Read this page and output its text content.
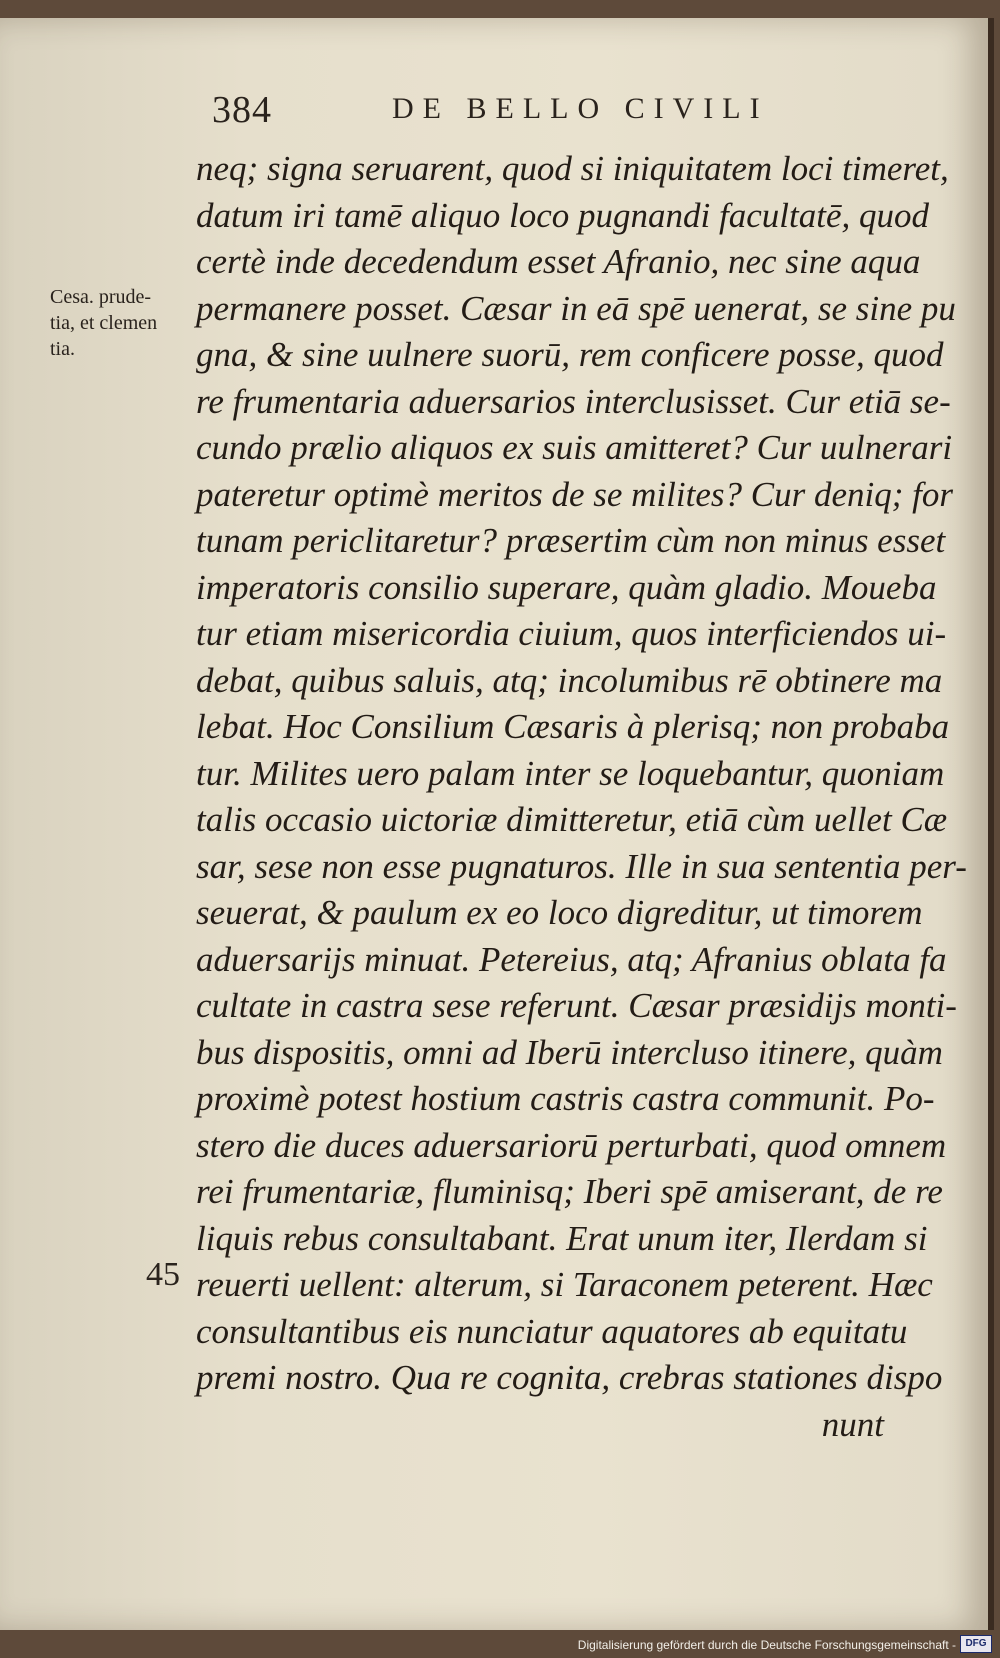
384	DE BELLO CIVILI
Cesa. prude-
tia, et clemen
tia.
45
neq; signa seruarent, quod si iniquitatem loci timeret,
datum iri tamē aliquo loco pugnandi facultatē, quod
certè inde decedendum esset Afranio, nec sine aqua
permanere posset. Cæsar in eā spē uenerat, se sine pu
gna, & sine uulnere suorū, rem conficere posse, quod
re frumentaria aduersarios interclusisset. Cur etiā se-
cundo prælio aliquos ex suis amitteret? Cur uulnerari
pateretur optimè meritos de se milites? Cur deniq; for
tunam periclitaretur? præsertim cùm non minus esset
imperatoris consilio superare, quàm gladio. Moueba
tur etiam misericordia ciuium, quos interficiendos ui-
debat, quibus saluis, atq; incolumibus rē obtinere ma
lebat. Hoc Consilium Cæsaris à plerisq; non probaba
tur. Milites uero palam inter se loquebantur, quoniam
talis occasio uictoriæ dimitteretur, etiā cùm uellet Cæ
sar, sese non esse pugnaturos. Ille in sua sententia per-
seuerat, & paulum ex eo loco digreditur, ut timorem
aduersarijs minuat. Petereius, atq; Afranius oblata fa
cultate in castra sese referunt. Cæsar præsidijs monti-
bus dispositis, omni ad Iberū intercluso itinere, quàm
proximè potest hostium castris castra communit. Po-
stero die duces aduersariorū perturbati, quod omnem
rei frumentariæ, fluminisq; Iberi spē amiserant, de re
liquis rebus consultabant. Erat unum iter, Ilerdam si
reuerti uellent: alterum, si Taraconem peterent. Hæc
consultantibus eis nunciatur aquatores ab equitatu
premi nostro. Qua re cognita, crebras stationes dispo
nunt
Digitalisierung gefördert durch die Deutsche Forschungsgemeinschaft - DFG
